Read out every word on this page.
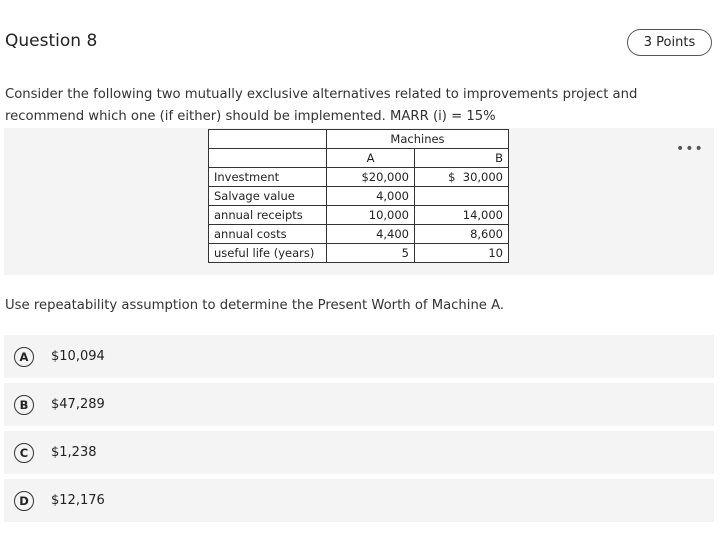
Question 8	3 Points
Consider the following two mutually exclusive alternatives related to improvements project and recommend which one (if either) should be implemented. MARR (i) = 15%
•••
	Machines	
	A	B
Investment	$20,000	$  30,000
Salvage value	4,000	
annual receipts	10,000	14,000
annual costs	4,400	8,600
useful life (years)	5	10
Use repeatability assumption to determine the Present Worth of Machine A.
A	$10,094
B	$47,289
C	$1,238
D	$12,176
